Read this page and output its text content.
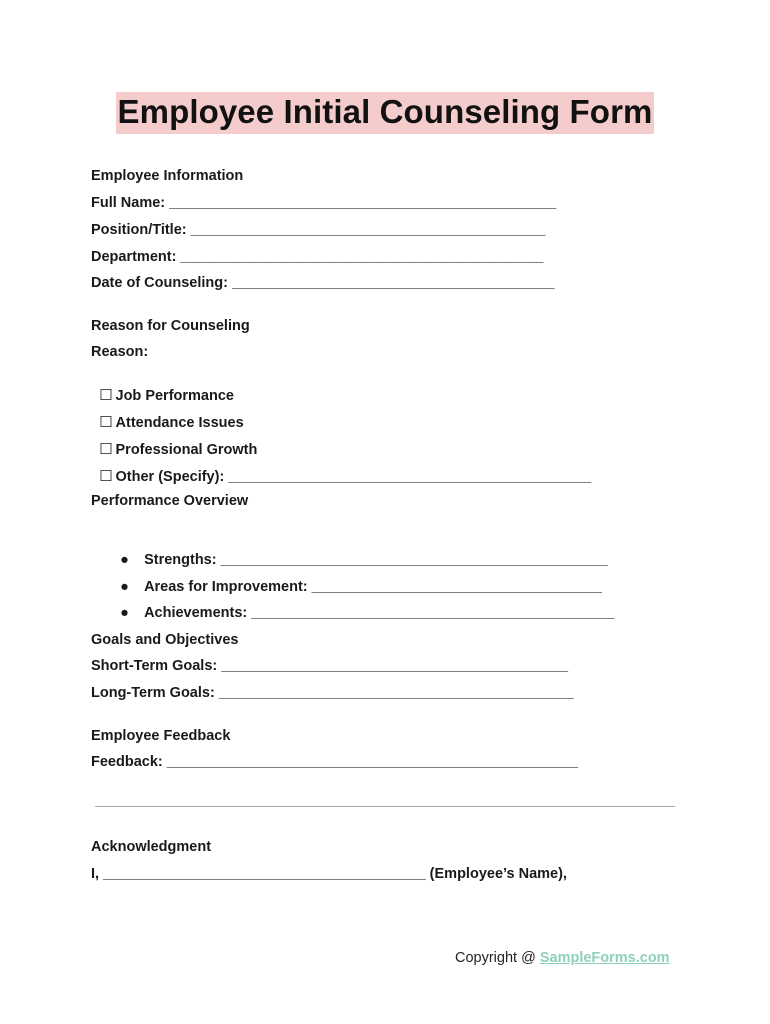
Employee Initial Counseling Form
Employee Information
Full Name: ________________________________________________
Position/Title: ____________________________________________
Department: _____________________________________________
Date of Counseling: ________________________________________
Reason for Counseling
Reason:

☐ Job Performance

☐ Attendance Issues

☐ Professional Growth

☐ Other (Specify): _____________________________________________

Performance Overview

● Strengths: ________________________________________________

● Areas for Improvement: ____________________________________

● Achievements: _____________________________________________

Goals and Objectives
Short-Term Goals: ___________________________________________
Long-Term Goals: ____________________________________________
Employee Feedback
Feedback: ___________________________________________________
Acknowledgment
I, ________________________________________ (Employee’s Name),
Copyright @ SampleForms.com
